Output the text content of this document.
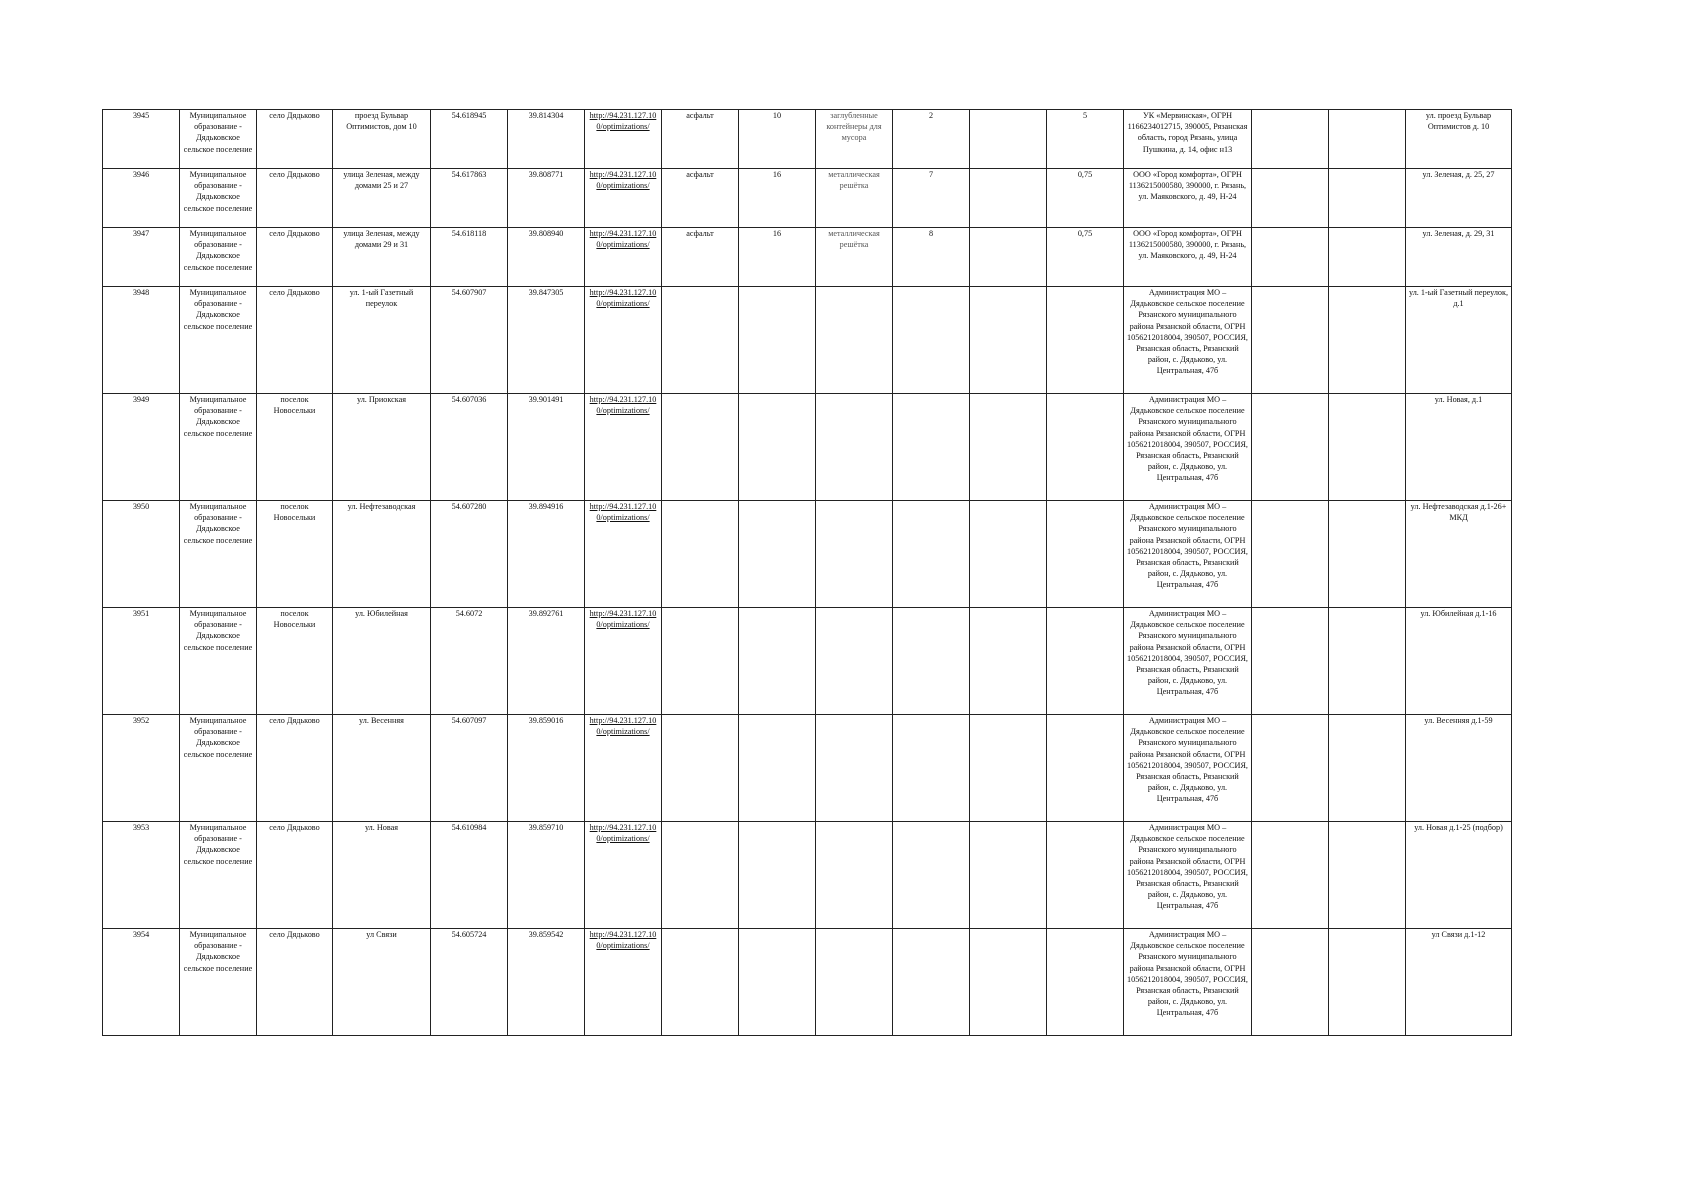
3945	Муниципальное образование - Дядьковское сельское поселение	село Дядьково	проезд Бульвар Оптимистов, дом 10	54.618945	39.814304	http://94.231.127.10 0/optimizations/	асфальт	10	заглубленные контейнеры для мусора	2		5	УК «Мервинская», ОГРН 1166234012715, 390005, Рязанская область, город Рязань, улица Пушкина, д. 14, офис н13			ул. проезд Бульвар Оптимистов д. 10
3946	Муниципальное образование - Дядьковское сельское поселение	село Дядьково	улица Зеленая, между домами 25 и 27	54.617863	39.808771	http://94.231.127.10 0/optimizations/	асфальт	16	металлическая решётка	7		0,75	ООО «Город комфорта», ОГРН 1136215000580, 390000, г. Рязань, ул. Маяковского, д. 49, Н-24			ул. Зеленая, д. 25, 27
3947	Муниципальное образование - Дядьковское сельское поселение	село Дядьково	улица Зеленая, между домами 29 и 31	54.618118	39.808940	http://94.231.127.10 0/optimizations/	асфальт	16	металлическая решётка	8		0,75	ООО «Город комфорта», ОГРН 1136215000580, 390000, г. Рязань, ул. Маяковского, д. 49, Н-24			ул. Зеленая, д. 29, 31
3948	Муниципальное образование - Дядьковское сельское поселение	село Дядьково	ул. 1-ый Газетный переулок	54.607907	39.847305	http://94.231.127.10 0/optimizations/							Администрация МО – Дядьковское сельское поселение Рязанского муниципального района Рязанской области, ОГРН 1056212018004, 390507, РОССИЯ, Рязанская область, Рязанский район, с. Дядьково, ул. Центральная, 47б			ул. 1-ый Газетный переулок, д.1
3949	Муниципальное образование - Дядьковское сельское поселение	поселок Новосельки	ул. Приокская	54.607036	39.901491	http://94.231.127.10 0/optimizations/							Администрация МО – Дядьковское сельское поселение Рязанского муниципального района Рязанской области, ОГРН 1056212018004, 390507, РОССИЯ, Рязанская область, Рязанский район, с. Дядьково, ул. Центральная, 47б			ул. Новая, д.1
3950	Муниципальное образование - Дядьковское сельское поселение	поселок Новосельки	ул. Нефтезаводская	54.607280	39.894916	http://94.231.127.10 0/optimizations/							Администрация МО – Дядьковское сельское поселение Рязанского муниципального района Рязанской области, ОГРН 1056212018004, 390507, РОССИЯ, Рязанская область, Рязанский район, с. Дядьково, ул. Центральная, 47б			ул. Нефтезаводская д.1-26+ МКД
3951	Муниципальное образование - Дядьковское сельское поселение	поселок Новосельки	ул. Юбилейная	54.6072	39.892761	http://94.231.127.10 0/optimizations/							Администрация МО – Дядьковское сельское поселение Рязанского муниципального района Рязанской области, ОГРН 1056212018004, 390507, РОССИЯ, Рязанская область, Рязанский район, с. Дядьково, ул. Центральная, 47б			ул. Юбилейная д.1-16
3952	Муниципальное образование - Дядьковское сельское поселение	село Дядьково	ул. Весенняя	54.607097	39.859016	http://94.231.127.10 0/optimizations/							Администрация МО – Дядьковское сельское поселение Рязанского муниципального района Рязанской области, ОГРН 1056212018004, 390507, РОССИЯ, Рязанская область, Рязанский район, с. Дядьково, ул. Центральная, 47б			ул. Весенняя д.1-59
3953	Муниципальное образование - Дядьковское сельское поселение	село Дядьково	ул. Новая	54.610984	39.859710	http://94.231.127.10 0/optimizations/							Администрация МО – Дядьковское сельское поселение Рязанского муниципального района Рязанской области, ОГРН 1056212018004, 390507, РОССИЯ, Рязанская область, Рязанский район, с. Дядьково, ул. Центральная, 47б			ул. Новая д.1-25 (подбор)
3954	Муниципальное образование - Дядьковское сельское поселение	село Дядьково	ул Связи	54.605724	39.859542	http://94.231.127.10 0/optimizations/							Администрация МО – Дядьковское сельское поселение Рязанского муниципального района Рязанской области, ОГРН 1056212018004, 390507, РОССИЯ, Рязанская область, Рязанский район, с. Дядьково, ул. Центральная, 47б			ул Связи д.1-12
